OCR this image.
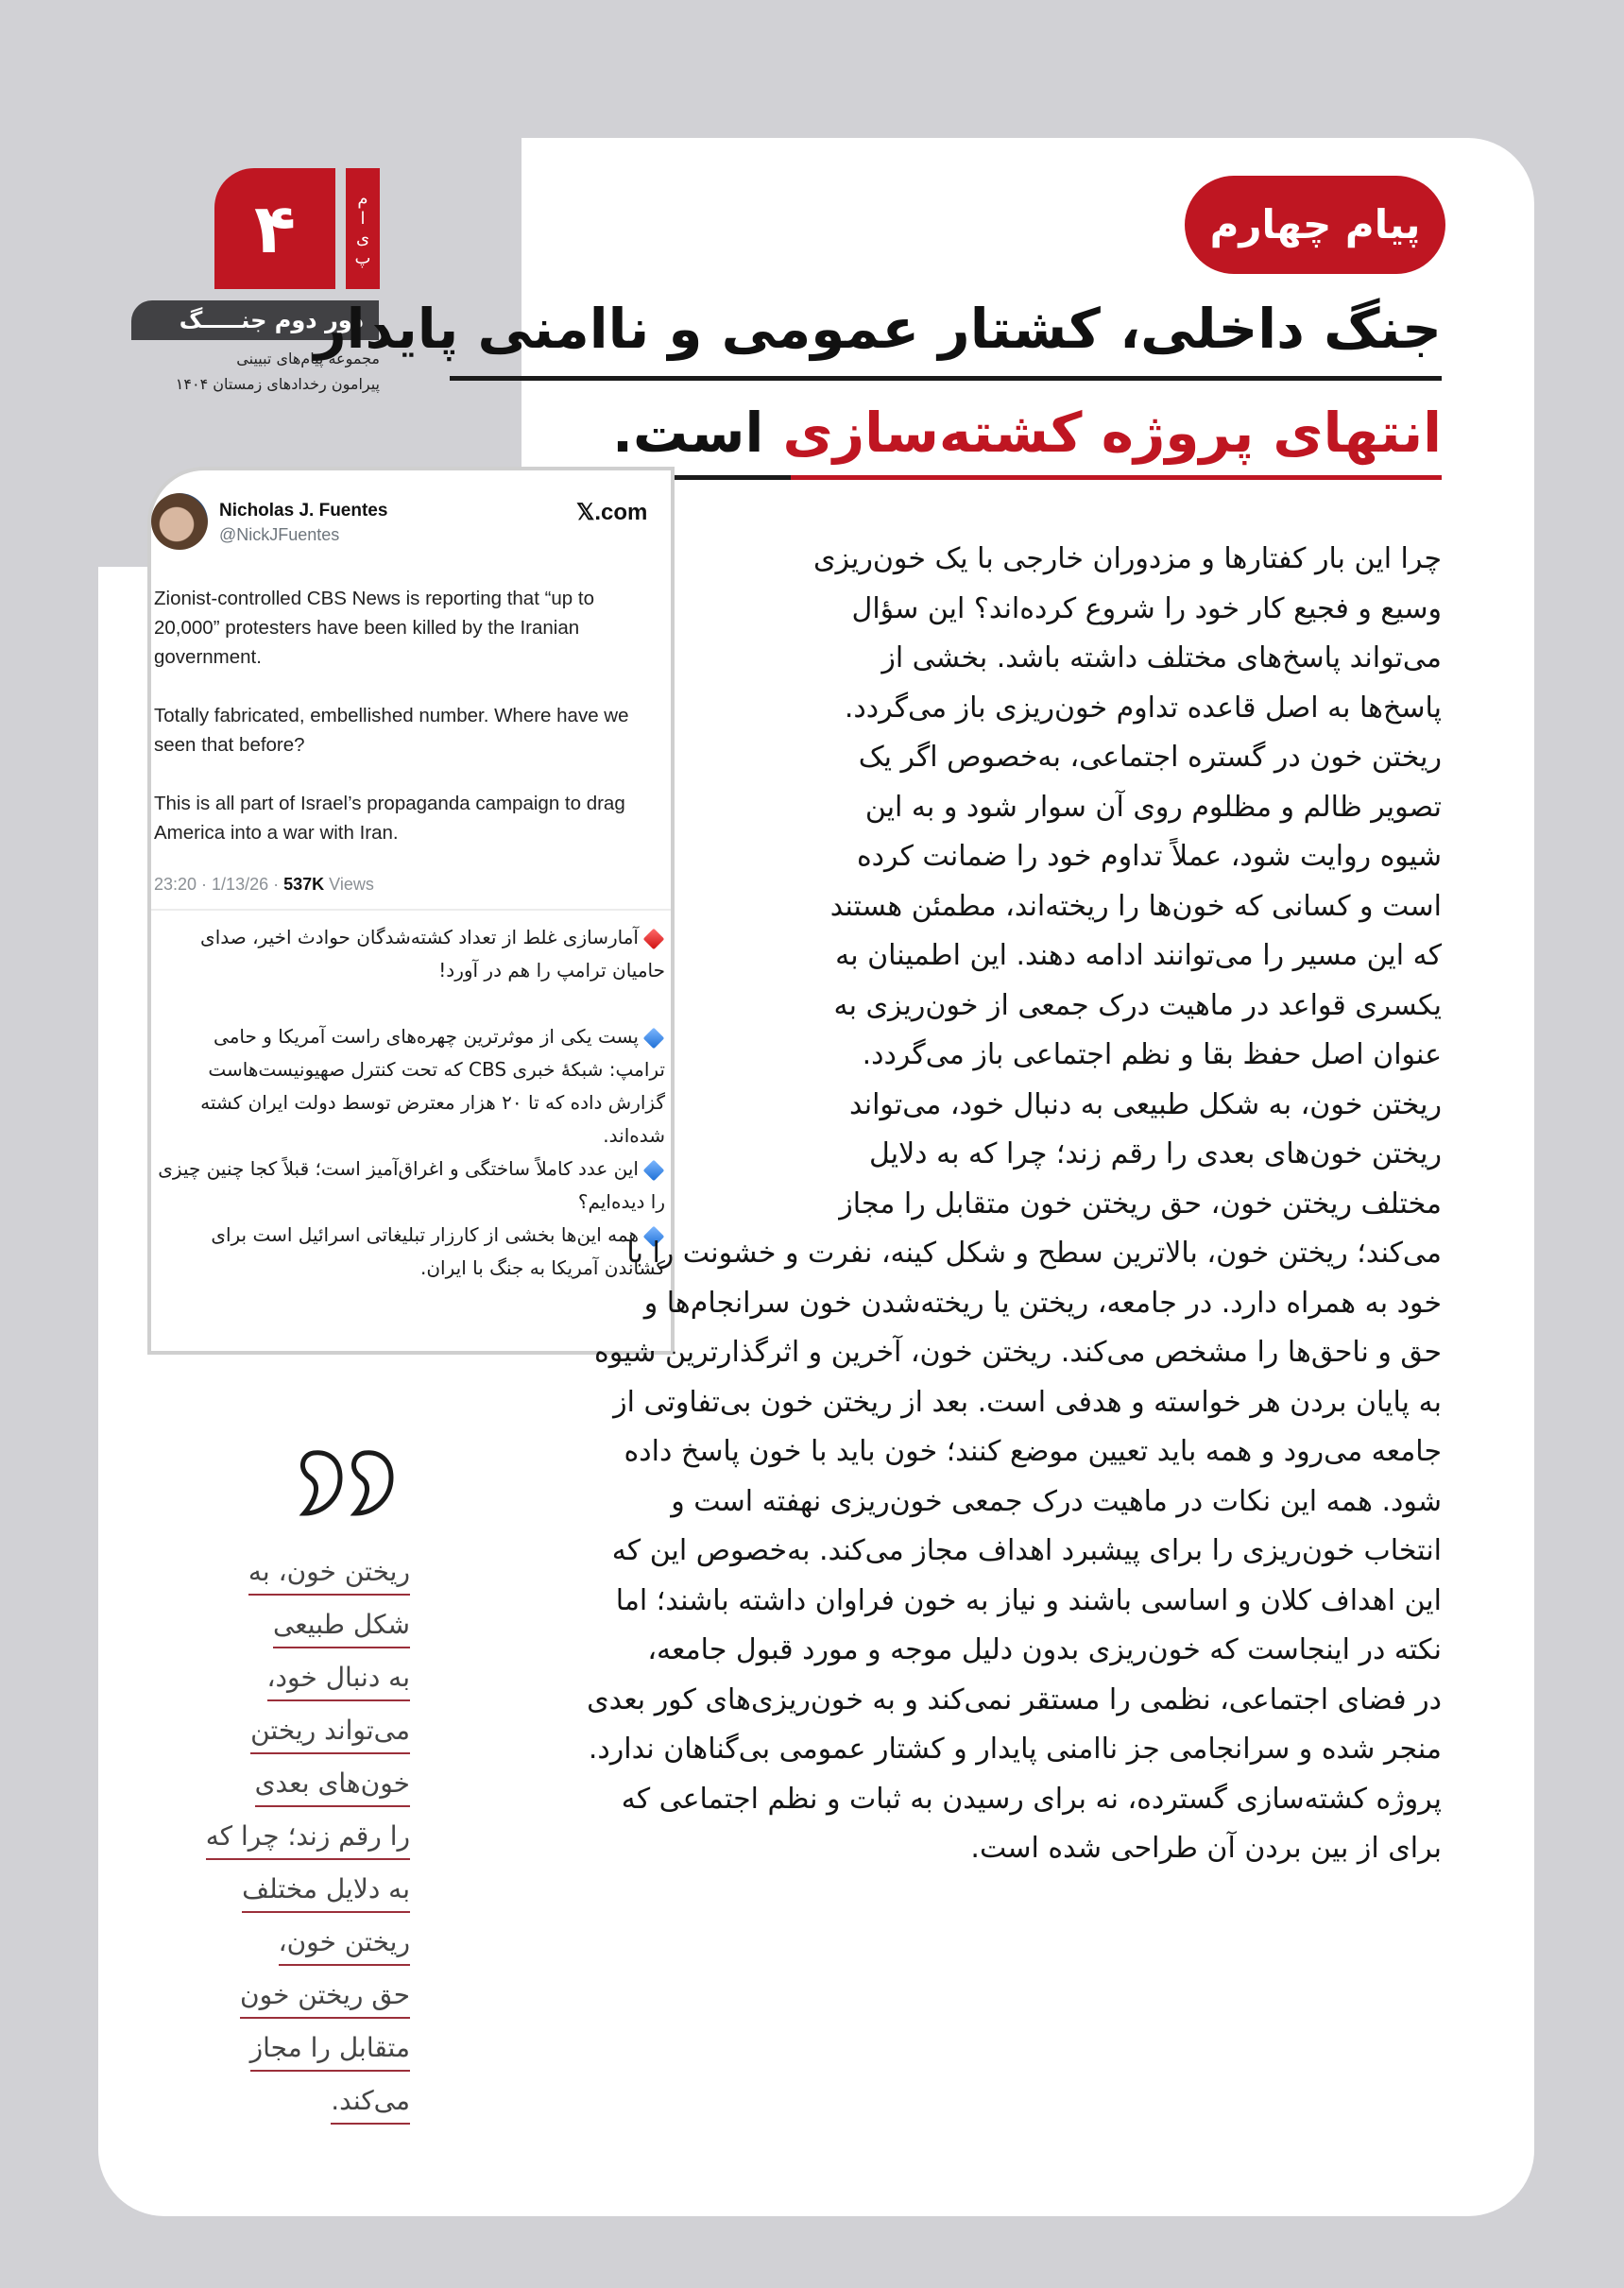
۴	پیام
دور دوم جنـــــگ
مجموعه پیام‌های تبیینی
پیرامون رخدادهای زمستان ۱۴۰۴
پیام چهارم
جنگ داخلی، کشتار عمومی و ناامنی پایدار
انتهای پروژه کشته‌سازی است.
Nicholas J. Fuentes
@NickJFuentes
𝕏.com

Zionist-controlled CBS News is reporting that “up to 20,000” protesters have been killed by the Iranian government.

Totally fabricated, embellished number. Where have we seen that before?

This is all part of Israel’s propaganda campaign to drag America into a war with Iran.

23:20 · 1/13/26 · 537K Views

آمارسازی غلط از تعداد کشته‌شدگان حوادث اخیر، صدای حامیان ترامپ را هم در آورد!

پست یکی از موثرترین چهره‌های راست آمریکا و حامی ترامپ: شبکهٔ خبری CBS که تحت کنترل صهیونیست‌هاست گزارش داده که تا ۲۰ هزار معترض توسط دولت ایران کشته شده‌اند.

این عدد کاملاً ساختگی و اغراق‌آمیز است؛ قبلاً کجا چنین چیزی را دیده‌ایم؟

همه این‌ها بخشی از کارزار تبلیغاتی اسرائیل است برای کشاندن آمریکا به جنگ با ایران.

چرا این بار کفتارها و مزدوران خارجی با یک خون‌ریزی
وسیع و فجیع کار خود را شروع کرده‌اند؟ این سؤال
می‌تواند پاسخ‌های مختلف داشته باشد. بخشی از
پاسخ‌ها به اصل قاعده تداوم خون‌ریزی باز می‌گردد.
ریختن خون در گستره اجتماعی، به‌خصوص اگر یک
تصویر ظالم و مظلوم روی آن سوار شود و به این
شیوه روایت شود، عملاً تداوم خود را ضمانت کرده
است و کسانی که خون‌ها را ریخته‌اند، مطمئن هستند
که این مسیر را می‌توانند ادامه دهند. این اطمینان به
یکسری قواعد در ماهیت درک جمعی از خون‌ریزی به
عنوان اصل حفظ بقا و نظم اجتماعی باز می‌گردد.
ریختن خون، به شکل طبیعی به دنبال خود، می‌تواند
ریختن خون‌های بعدی را رقم زند؛ چرا که به دلایل
مختلف ریختن خون، حق ریختن خون متقابل را مجاز
می‌کند؛ ریختن خون، بالاترین سطح و شکل کینه، نفرت و خشونت را با
خود به همراه دارد. در جامعه، ریختن یا ریخته‌شدن خون سرانجام‌ها و
حق و ناحق‌ها را مشخص می‌کند. ریختن خون، آخرین و اثرگذارترین شیوه
به پایان بردن هر خواسته و هدفی است. بعد از ریختن خون بی‌تفاوتی از
جامعه می‌رود و همه باید تعیین موضع کنند؛ خون باید با خون پاسخ داده
شود. همه این نکات در ماهیت درک جمعی خون‌ریزی نهفته است و
انتخاب خون‌ریزی را برای پیشبرد اهداف مجاز می‌کند. به‌خصوص این که
این اهداف کلان و اساسی باشند و نیاز به خون فراوان داشته باشند؛ اما
نکته در اینجاست که خون‌ریزی بدون دلیل موجه و مورد قبول جامعه،
در فضای اجتماعی، نظمی را مستقر نمی‌کند و به خون‌ریزی‌های کور بعدی
منجر شده و سرانجامی جز ناامنی پایدار و کشتار عمومی بی‌گناهان ندارد.
پروژه کشته‌سازی گسترده، نه برای رسیدن به ثبات و نظم اجتماعی که
برای از بین بردن آن طراحی شده است.
ریختن خون، به
شکل طبیعی
به دنبال خود،
می‌تواند ریختن
خون‌های بعدی
را رقم زند؛ چرا که
به دلایل مختلف
ریختن خون،
حق ریختن خون
متقابل را مجاز
می‌کند.
